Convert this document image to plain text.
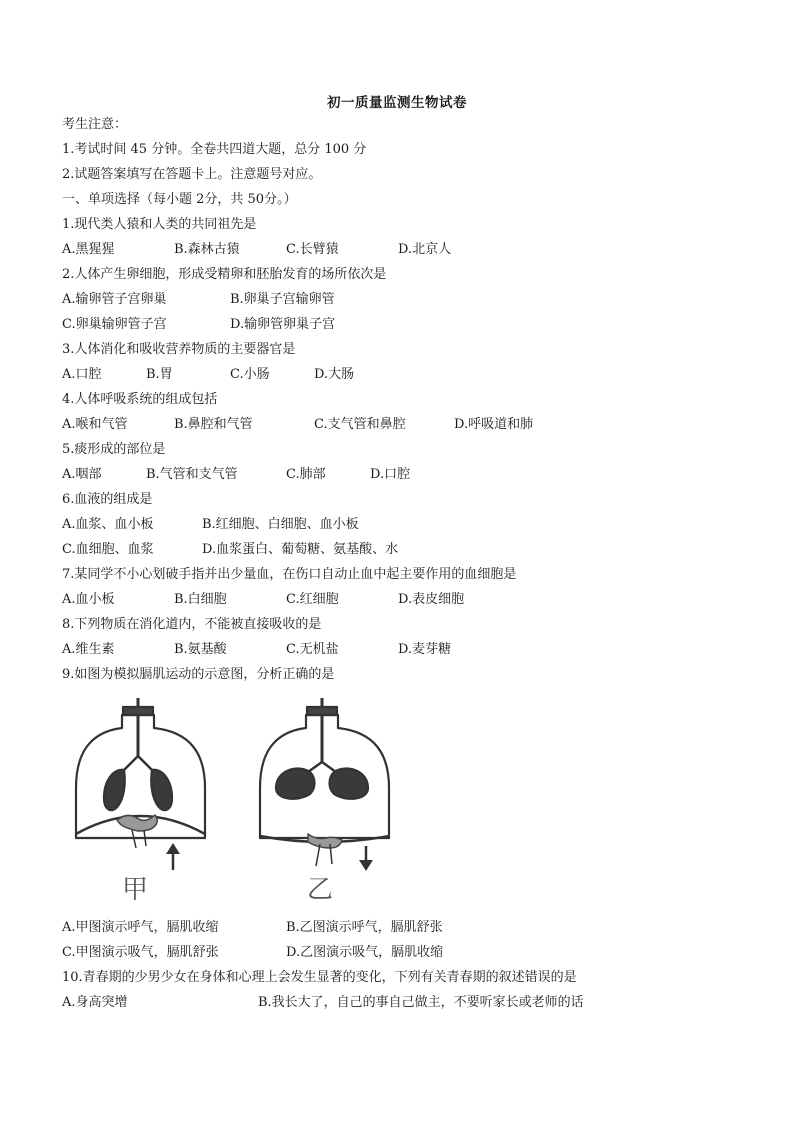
初一质量监测生物试卷
考生注意：
1.考试时间 45 分钟。全卷共四道大题，总分 100 分
2.试题答案填写在答题卡上。注意题号对应。
一、单项选择（每小题 2分，共 50分。）
1.现代类人猿和人类的共同祖先是
A.黑猩猩	B.森林古猿	C.长臂猿	D.北京人
2.人体产生卵细胞，形成受精卵和胚胎发育的场所依次是
A.输卵管子宫卵巢	B.卵巢子宫输卵管
C.卵巢输卵管子宫	D.输卵管卵巢子宫
3.人体消化和吸收营养物质的主要器官是
A.口腔	B.胃	C.小肠	D.大肠
4.人体呼吸系统的组成包括
A.喉和气管	B.鼻腔和气管	C.支气管和鼻腔	D.呼吸道和肺
5.痰形成的部位是
A.咽部	B.气管和支气管	C.肺部	D.口腔
6.血液的组成是
A.血浆、血小板	B.红细胞、白细胞、血小板
C.血细胞、血浆	D.血浆蛋白、葡萄糖、氨基酸、水
7.某同学不小心划破手指并出少量血，在伤口自动止血中起主要作用的血细胞是
A.血小板	B.白细胞	C.红细胞	D.表皮细胞
8.下列物质在消化道内，不能被直接吸收的是
A.维生素	B.氨基酸	C.无机盐	D.麦芽糖
9.如图为模拟膈肌运动的示意图，分析正确的是
甲	乙
A.甲图演示呼气，膈肌收缩	B.乙图演示呼气，膈肌舒张
C.甲图演示吸气，膈肌舒张	D.乙图演示吸气，膈肌收缩
10.青春期的少男少女在身体和心理上会发生显著的变化，下列有关青春期的叙述错误的是
A.身高突增	B.我长大了，自己的事自己做主，不要听家长或老师的话
